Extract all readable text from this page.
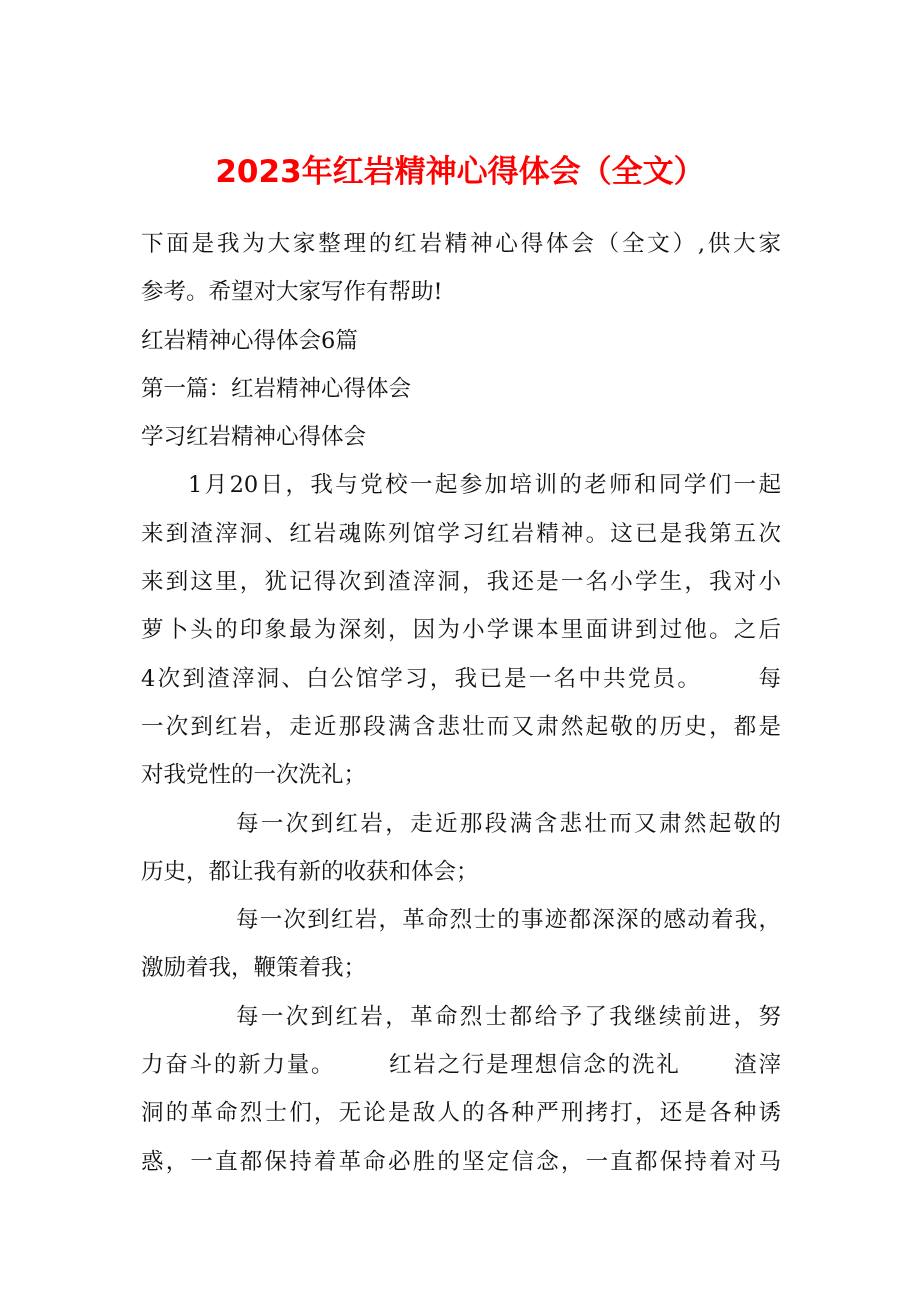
2023年红岩精神心得体会（全文）
下面是我为大家整理的红岩精神心得体会（全文）,供大家
参考。希望对大家写作有帮助!
红岩精神心得体会6篇
第一篇：红岩精神心得体会
学习红岩精神心得体会
1月20日，我与党校一起参加培训的老师和同学们一起
来到渣滓洞、红岩魂陈列馆学习红岩精神。这已是我第五次
来到这里，犹记得次到渣滓洞，我还是一名小学生，我对小
萝卜头的印象最为深刻，因为小学课本里面讲到过他。之后
4次到渣滓洞、白公馆学习，我已是一名中共党员。      每
一次到红岩，走近那段满含悲壮而又肃然起敬的历史，都是
对我党性的一次洗礼；
每一次到红岩，走近那段满含悲壮而又肃然起敬的
历史，都让我有新的收获和体会；
每一次到红岩，革命烈士的事迹都深深的感动着我，
激励着我，鞭策着我；
每一次到红岩，革命烈士都给予了我继续前进，努
力奋斗的新力量。      红岩之行是理想信念的洗礼      渣滓
洞的革命烈士们，无论是敌人的各种严刑拷打，还是各种诱
惑，一直都保持着革命必胜的坚定信念，一直都保持着对马
